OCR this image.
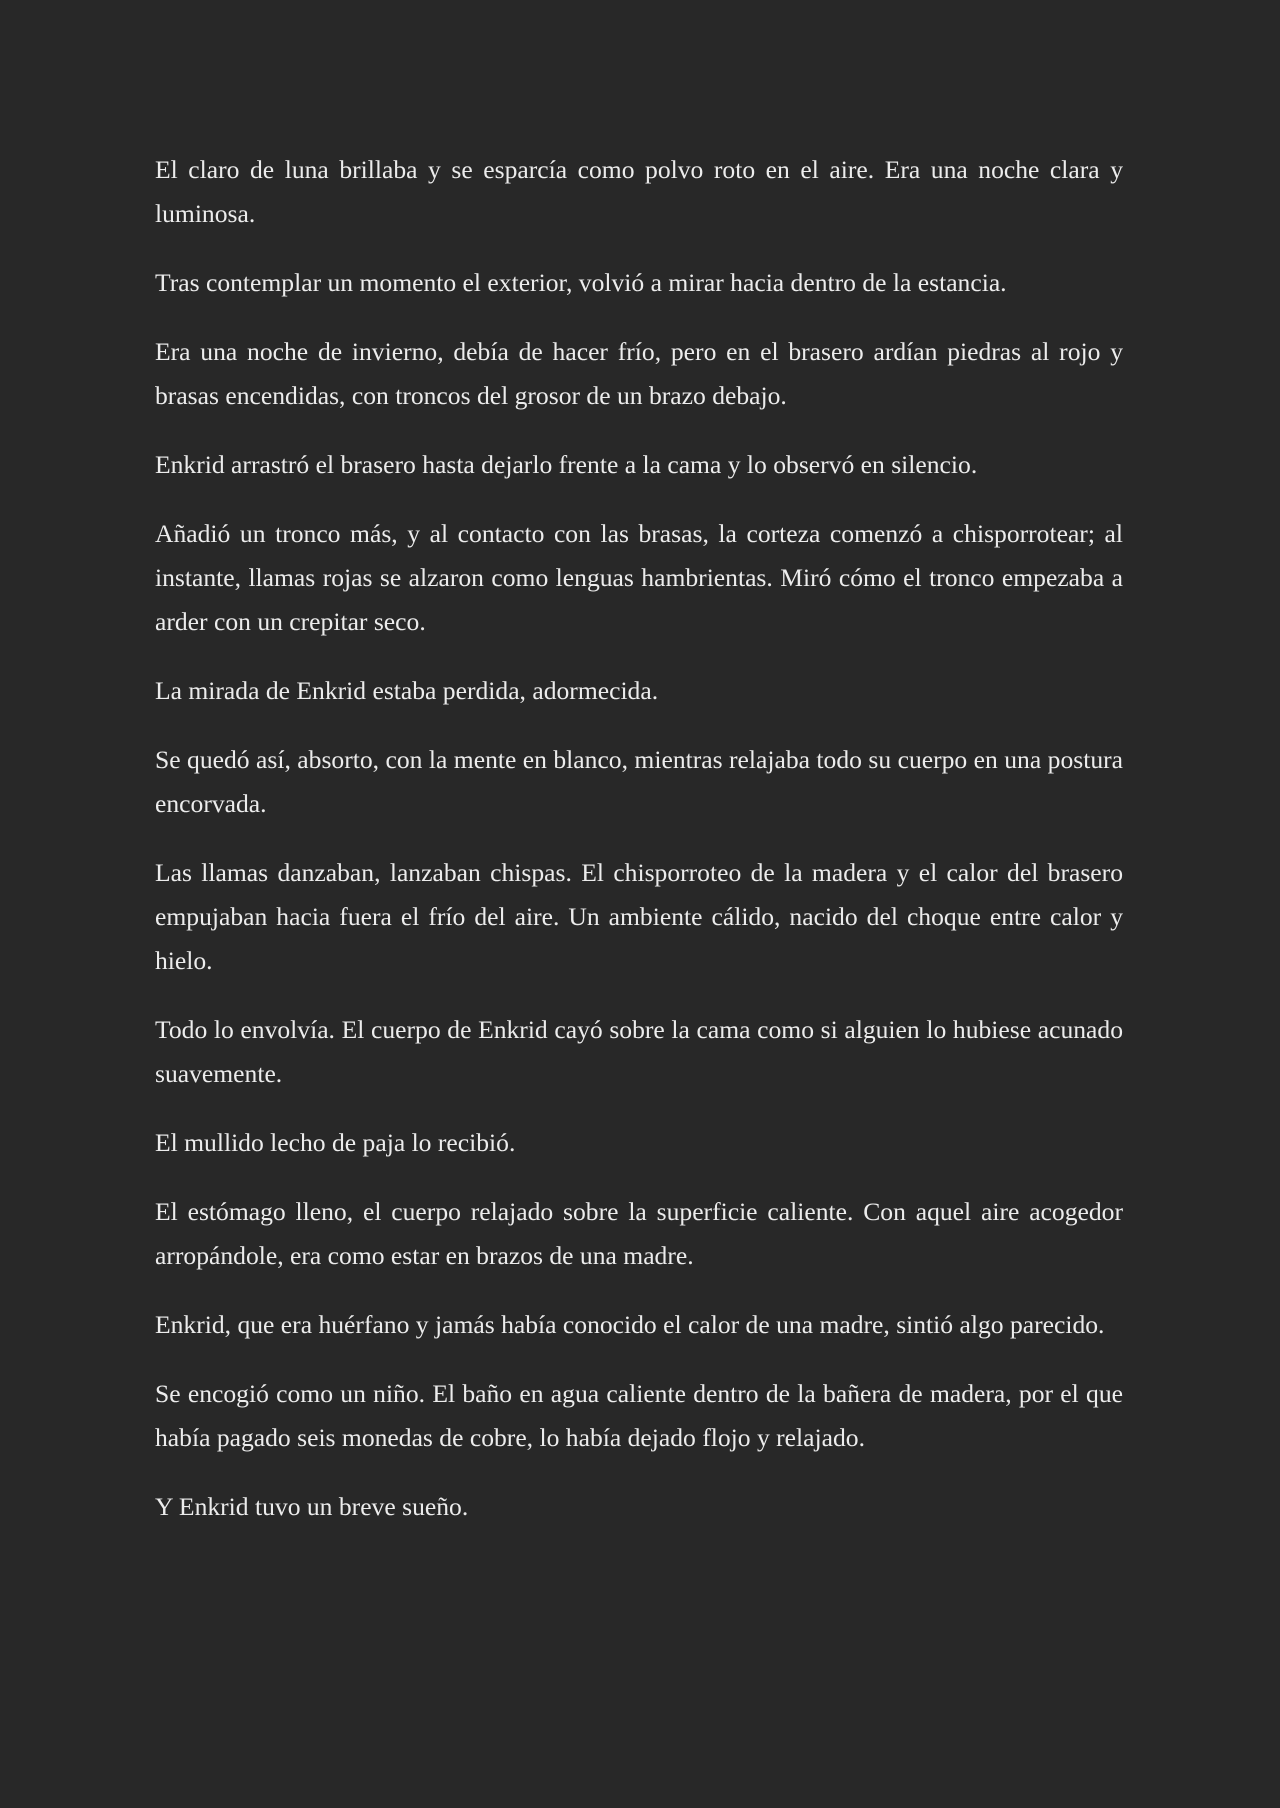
El claro de luna brillaba y se esparcía como polvo roto en el aire. Era una noche clara y luminosa.

Tras contemplar un momento el exterior, volvió a mirar hacia dentro de la estancia.

Era una noche de invierno, debía de hacer frío, pero en el brasero ardían piedras al rojo y brasas encendidas, con troncos del grosor de un brazo debajo.

Enkrid arrastró el brasero hasta dejarlo frente a la cama y lo observó en silencio.

Añadió un tronco más, y al contacto con las brasas, la corteza comenzó a chisporrotear; al instante, llamas rojas se alzaron como lenguas hambrientas. Miró cómo el tronco empezaba a arder con un crepitar seco.

La mirada de Enkrid estaba perdida, adormecida.

Se quedó así, absorto, con la mente en blanco, mientras relajaba todo su cuerpo en una postura encorvada.

Las llamas danzaban, lanzaban chispas. El chisporroteo de la madera y el calor del brasero empujaban hacia fuera el frío del aire. Un ambiente cálido, nacido del choque entre calor y hielo.

Todo lo envolvía. El cuerpo de Enkrid cayó sobre la cama como si alguien lo hubiese acunado suavemente.

El mullido lecho de paja lo recibió.

El estómago lleno, el cuerpo relajado sobre la superficie caliente. Con aquel aire acogedor arropándole, era como estar en brazos de una madre.

Enkrid, que era huérfano y jamás había conocido el calor de una madre, sintió algo parecido.

Se encogió como un niño. El baño en agua caliente dentro de la bañera de madera, por el que había pagado seis monedas de cobre, lo había dejado flojo y relajado.

Y Enkrid tuvo un breve sueño.
